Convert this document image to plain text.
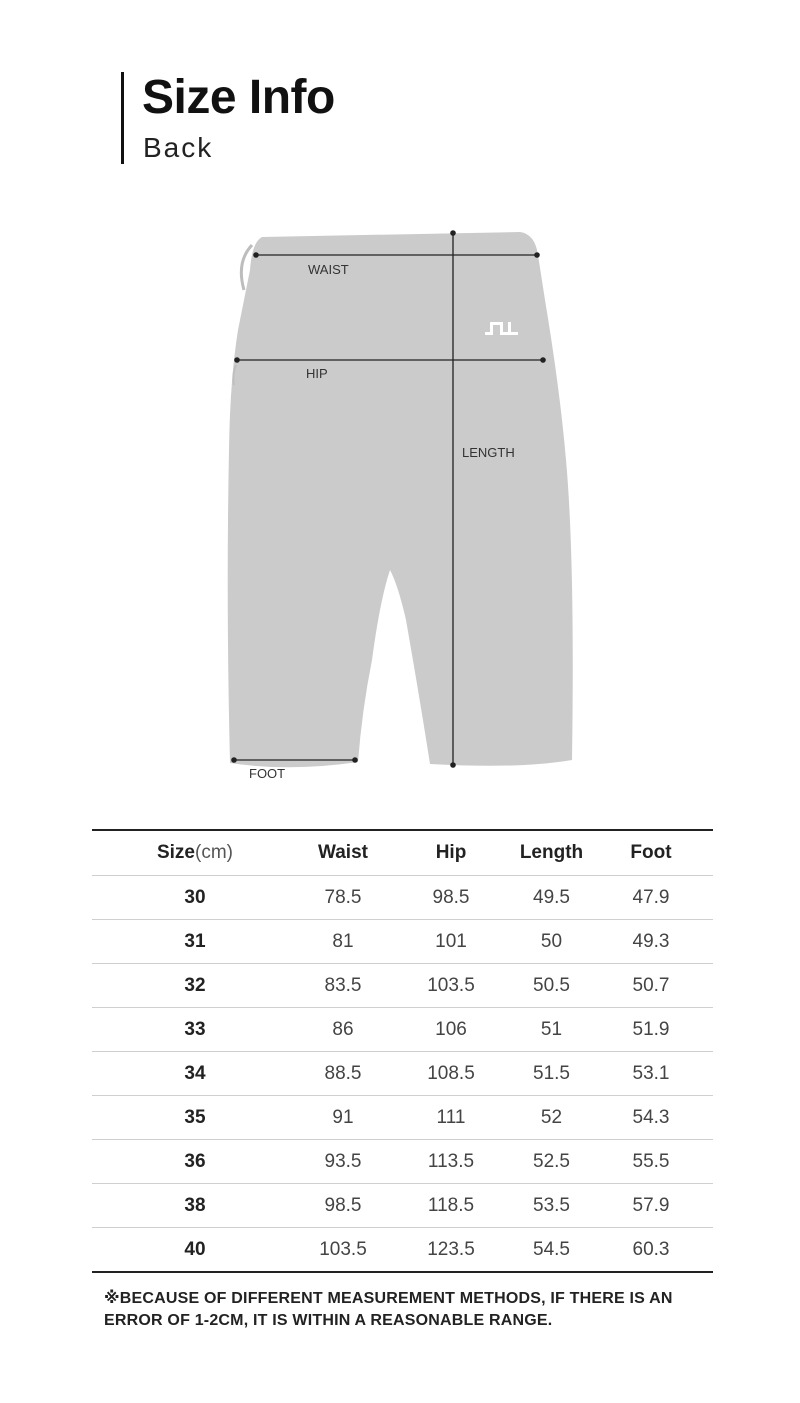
Size Info
Back
WAIST
HIP
LENGTH
FOOT
Size(cm)	Waist	Hip	Length	Foot
30	78.5	98.5	49.5	47.9
31	81	101	50	49.3
32	83.5	103.5	50.5	50.7
33	86	106	51	51.9
34	88.5	108.5	51.5	53.1
35	91	111	52	54.3
36	93.5	113.5	52.5	55.5
38	98.5	118.5	53.5	57.9
40	103.5	123.5	54.5	60.3
※BECAUSE OF DIFFERENT MEASUREMENT METHODS, IF THERE IS AN ERROR OF 1-2CM, IT IS WITHIN A REASONABLE RANGE.
